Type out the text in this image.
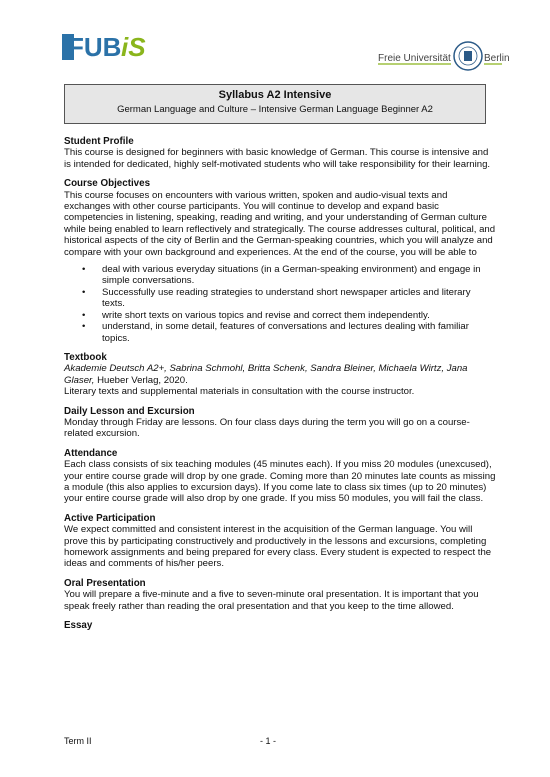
FUB iS	Freie Universität	Berlin
Syllabus A2 Intensive
German Language and Culture – Intensive German Language Beginner A2
Student Profile

This course is designed for beginners with basic knowledge of German. This course is intensive and is intended for dedicated, highly self-motivated students who will take responsibility for their learning.

Course Objectives

This course focuses on encounters with various written, spoken and audio-visual texts and exchanges with other course participants. You will continue to develop and expand basic competencies in listening, speaking, reading and writing, and your understanding of German culture while being enabled to learn reflectively and strategically. The course addresses cultural, political, and historical aspects of the city of Berlin and the German-speaking countries, which you will analyze and compare with your own background and experiences. At the end of the course, you will be able to

• deal with various everyday situations (in a German-speaking environment) and engage in simple conversations.
• Successfully use reading strategies to understand short newspaper articles and literary texts.
• write short texts on various topics and revise and correct them independently.
• understand, in some detail, features of conversations and lectures dealing with familiar topics.
Textbook

Akademie Deutsch A2+, Sabrina Schmohl, Britta Schenk, Sandra Bleiner, Michaela Wirtz, Jana Glaser, Hueber Verlag, 2020.

Literary texts and supplemental materials in consultation with the course instructor.

Daily Lesson and Excursion

Monday through Friday are lessons. On four class days during the term you will go on a course-related excursion.

Attendance

Each class consists of six teaching modules (45 minutes each). If you miss 20 modules (unexcused), your entire course grade will drop by one grade. Coming more than 20 minutes late counts as missing a module (this also applies to excursion days). If you come late to class six times (up to 20 minutes) your entire course grade will also drop by one grade. If you miss 50 modules, you will fail the class.

Active Participation

We expect committed and consistent interest in the acquisition of the German language. You will prove this by participating constructively and productively in the lessons and excursions, completing homework assignments and being prepared for every class. Every student is expected to respect the ideas and comments of his/her peers.

Oral Presentation

You will prepare a five-minute and a five to seven-minute oral presentation. It is important that you speak freely rather than reading the oral presentation and that you keep to the time allowed.

Essay
Term II	- 1 -
